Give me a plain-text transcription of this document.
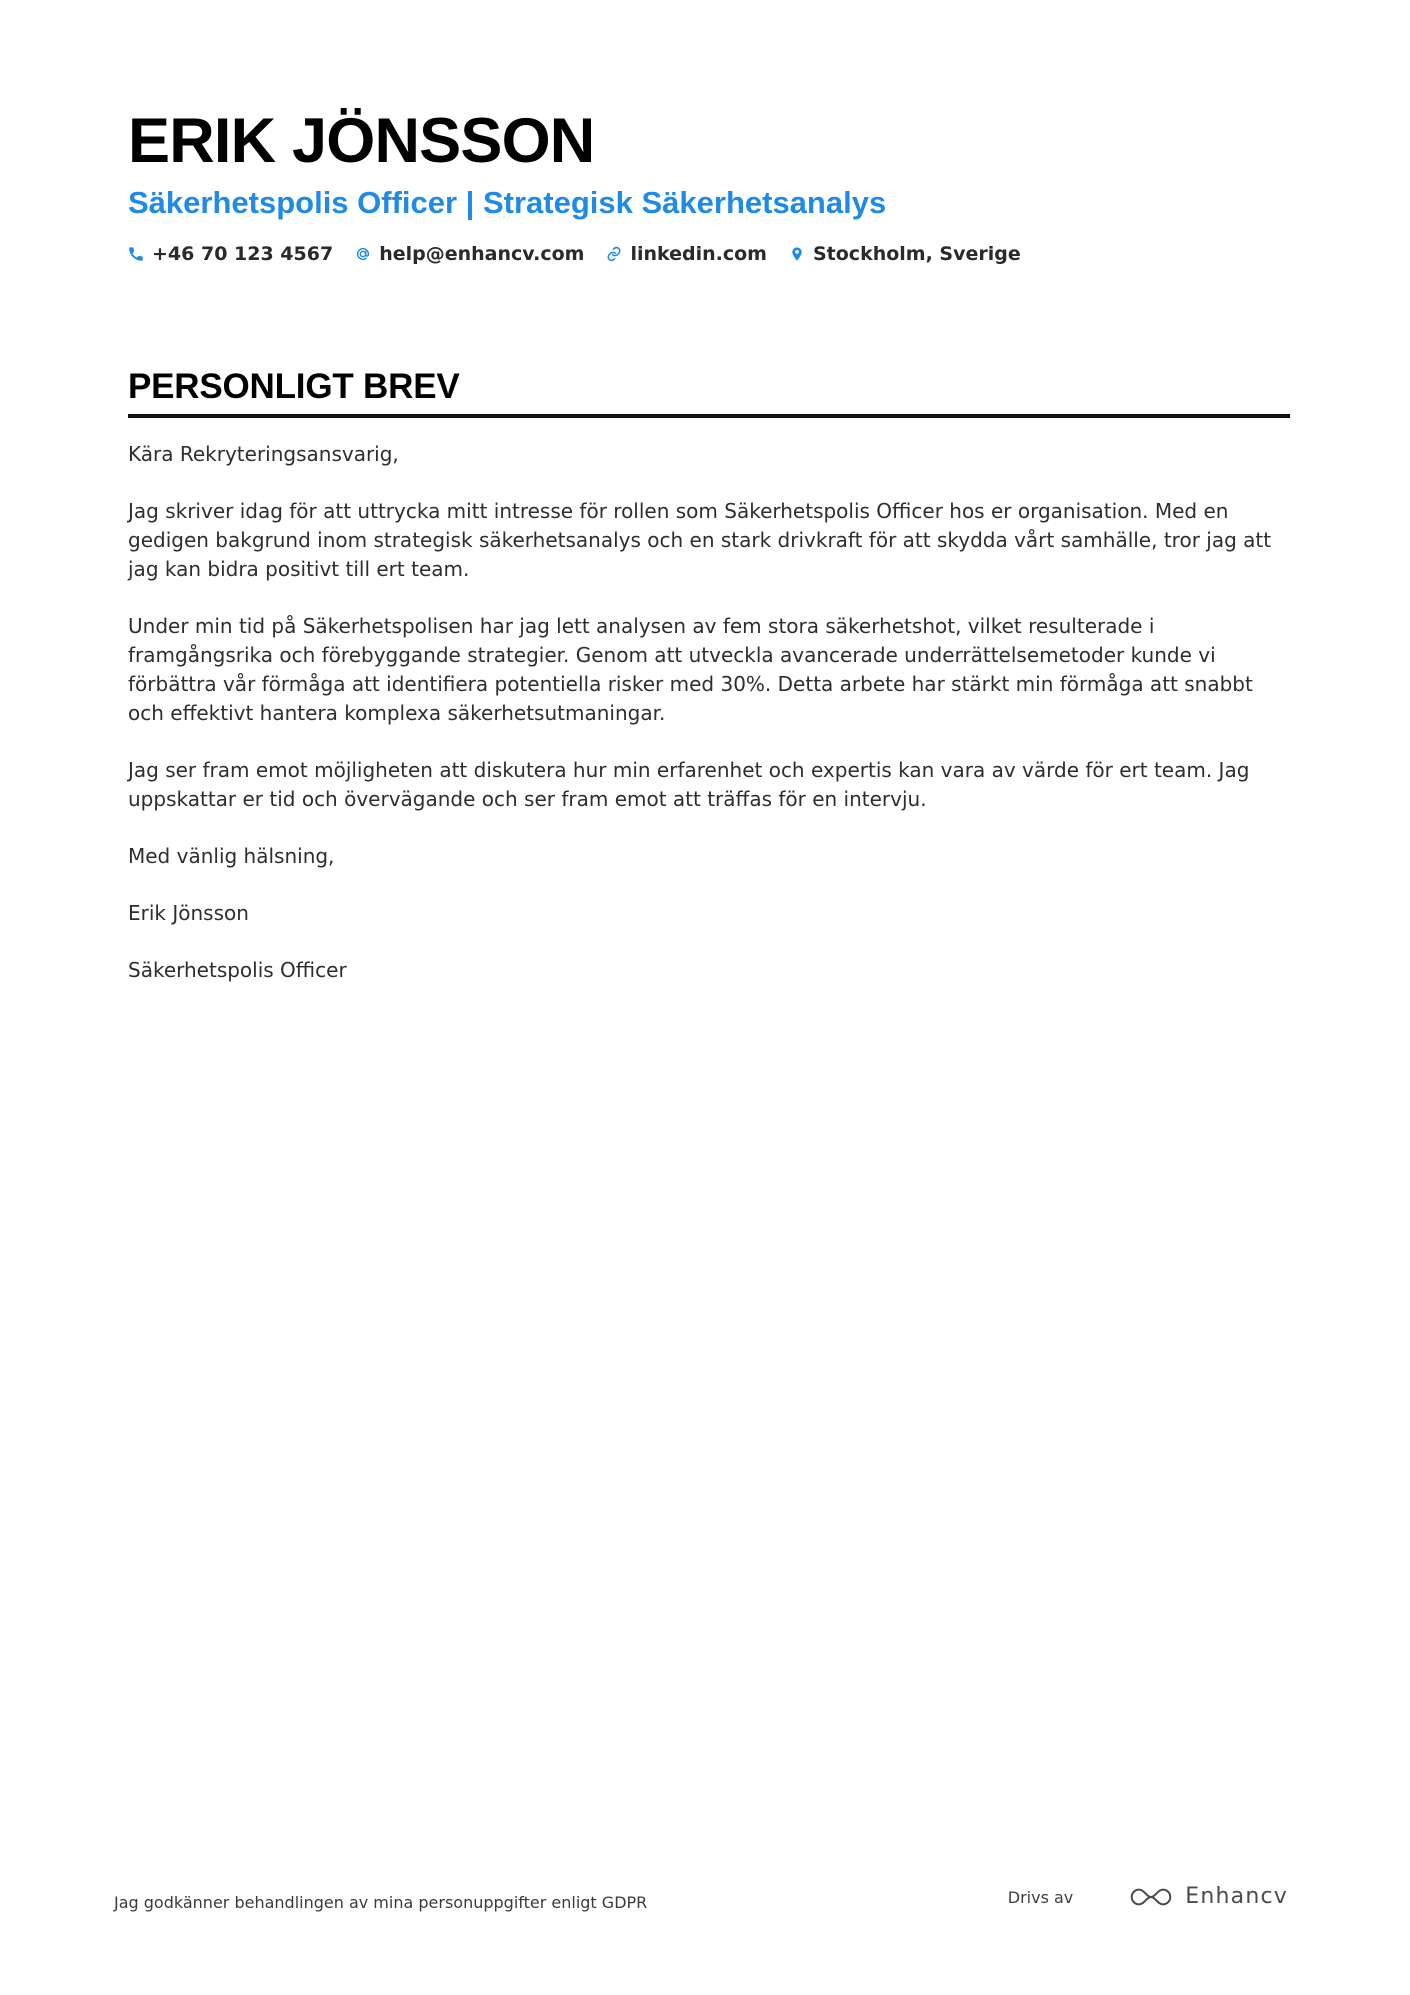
ERIK JÖNSSON
Säkerhetspolis Officer | Strategisk Säkerhetsanalys
+46 70 123 4567 help@enhancv.com linkedin.com Stockholm, Sverige
PERSONLIGT BREV

Kära Rekryteringsansvarig,

Jag skriver idag för att uttrycka mitt intresse för rollen som Säkerhetspolis Officer hos er organisation. Med en gedigen bakgrund inom strategisk säkerhetsanalys och en stark drivkraft för att skydda vårt samhälle, tror jag att jag kan bidra positivt till ert team.

Under min tid på Säkerhetspolisen har jag lett analysen av fem stora säkerhetshot, vilket resulterade i framgångsrika och förebyggande strategier. Genom att utveckla avancerade underrättelsemetoder kunde vi förbättra vår förmåga att identifiera potentiella risker med 30%. Detta arbete har stärkt min förmåga att snabbt och effektivt hantera komplexa säkerhetsutmaningar.

Jag ser fram emot möjligheten att diskutera hur min erfarenhet och expertis kan vara av värde för ert team. Jag uppskattar er tid och övervägande och ser fram emot att träffas för en intervju.

Med vänlig hälsning,

Erik Jönsson

Säkerhetspolis Officer

Jag godkänner behandlingen av mina personuppgifter enligt GDPR	Drivs av	Enhancv
